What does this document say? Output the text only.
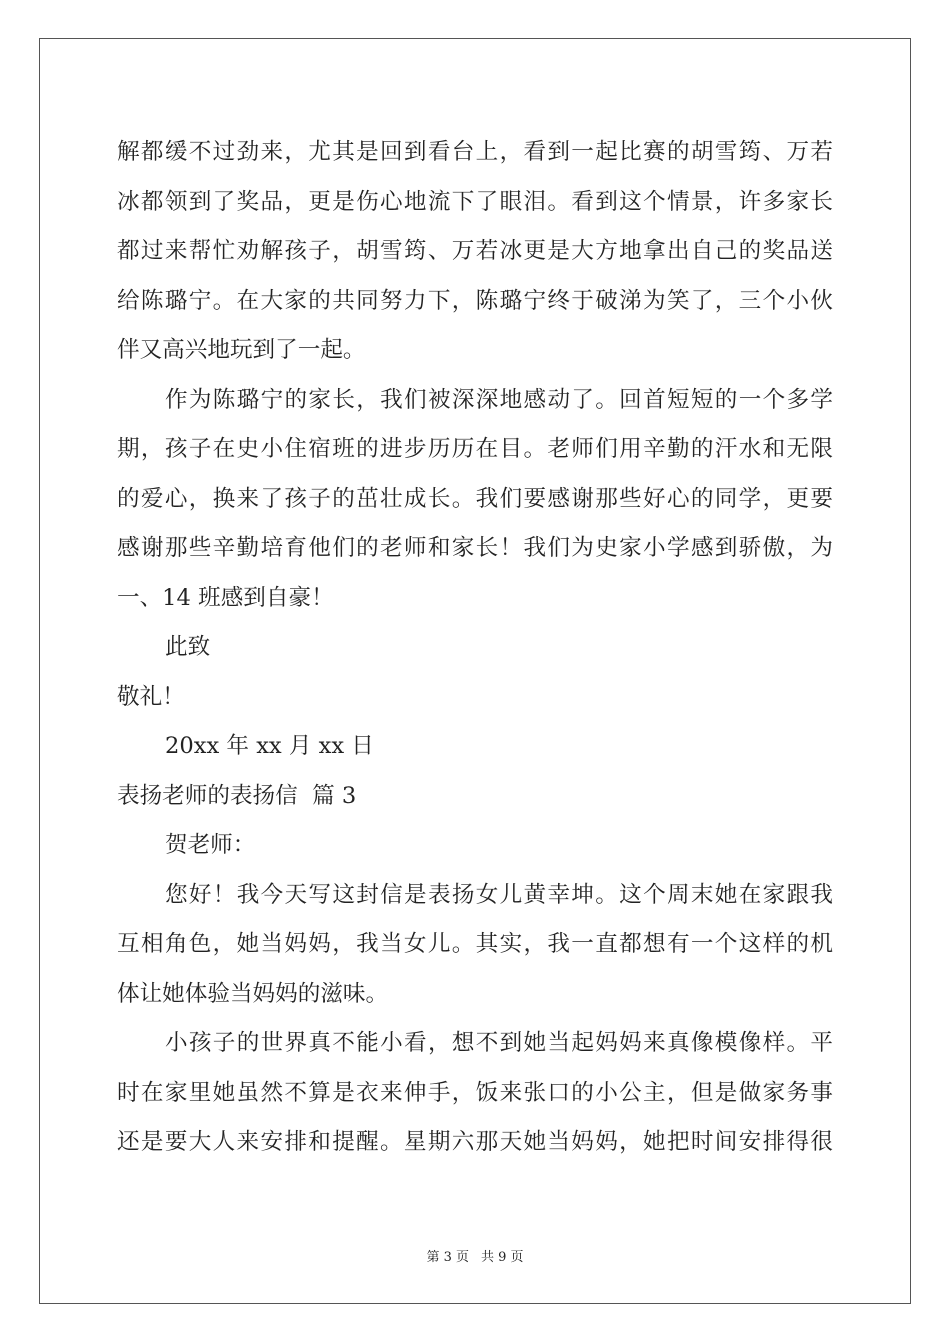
解都缓不过劲来，尤其是回到看台上，看到一起比赛的胡雪筠、万若
冰都领到了奖品，更是伤心地流下了眼泪。看到这个情景，许多家长
都过来帮忙劝解孩子，胡雪筠、万若冰更是大方地拿出自己的奖品送
给陈璐宁。在大家的共同努力下，陈璐宁终于破涕为笑了，三个小伙
伴又高兴地玩到了一起。
作为陈璐宁的家长，我们被深深地感动了。回首短短的一个多学
期，孩子在史小住宿班的进步历历在目。老师们用辛勤的汗水和无限
的爱心，换来了孩子的茁壮成长。我们要感谢那些好心的同学，更要
感谢那些辛勤培育他们的老师和家长！我们为史家小学感到骄傲，为
一、14 班感到自豪！
此致
敬礼！
20xx 年 xx 月 xx 日
表扬老师的表扬信  篇 3
贺老师：
您好！我今天写这封信是表扬女儿黄幸坤。这个周末她在家跟我
互相角色，她当妈妈，我当女儿。其实，我一直都想有一个这样的机
体让她体验当妈妈的滋味。
小孩子的世界真不能小看，想不到她当起妈妈来真像模像样。平
时在家里她虽然不算是衣来伸手，饭来张口的小公主，但是做家务事
还是要大人来安排和提醒。星期六那天她当妈妈，她把时间安排得很
第 3 页 共 9 页
